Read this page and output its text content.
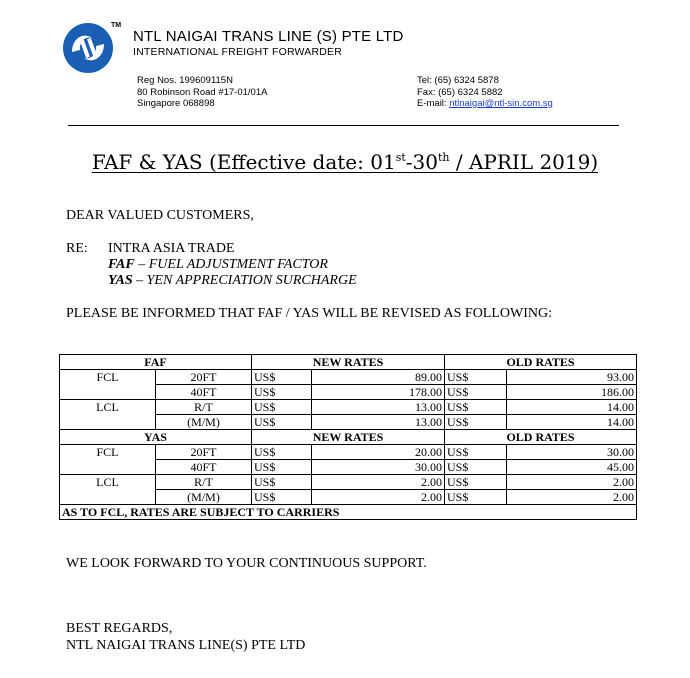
TM
NTL NAIGAI TRANS LINE (S) PTE LTD
INTERNATIONAL FREIGHT FORWARDER
Reg Nos. 199609115N
80 Robinson Road #17-01/01A
Singapore 068898
Tel: (65) 6324 5878
Fax: (65) 6324 5882
E-mail: ntlnaigai@ntl-sin.com.sg
FAF & YAS (Effective date: 01st-30th / APRIL 2019)
DEAR VALUED CUSTOMERS,
RE: INTRA ASIA TRADE
FAF – FUEL ADJUSTMENT FACTOR
YAS – YEN APPRECIATION SURCHARGE
PLEASE BE INFORMED THAT FAF / YAS WILL BE REVISED AS FOLLOWING:
FAF		NEW RATES		OLD RATES	
FCL	20FT	US$	89.00	US$	93.00
	40FT	US$	178.00	US$	186.00
LCL	R/T	US$	13.00	US$	14.00
	(M/M)	US$	13.00	US$	14.00
YAS		NEW RATES		OLD RATES	
FCL	20FT	US$	20.00	US$	30.00
	40FT	US$	30.00	US$	45.00
LCL	R/T	US$	2.00	US$	2.00
	(M/M)	US$	2.00	US$	2.00
AS TO FCL, RATES ARE SUBJECT TO CARRIERS					
WE LOOK FORWARD TO YOUR CONTINUOUS SUPPORT.
BEST REGARDS,
NTL NAIGAI TRANS LINE(S) PTE LTD
